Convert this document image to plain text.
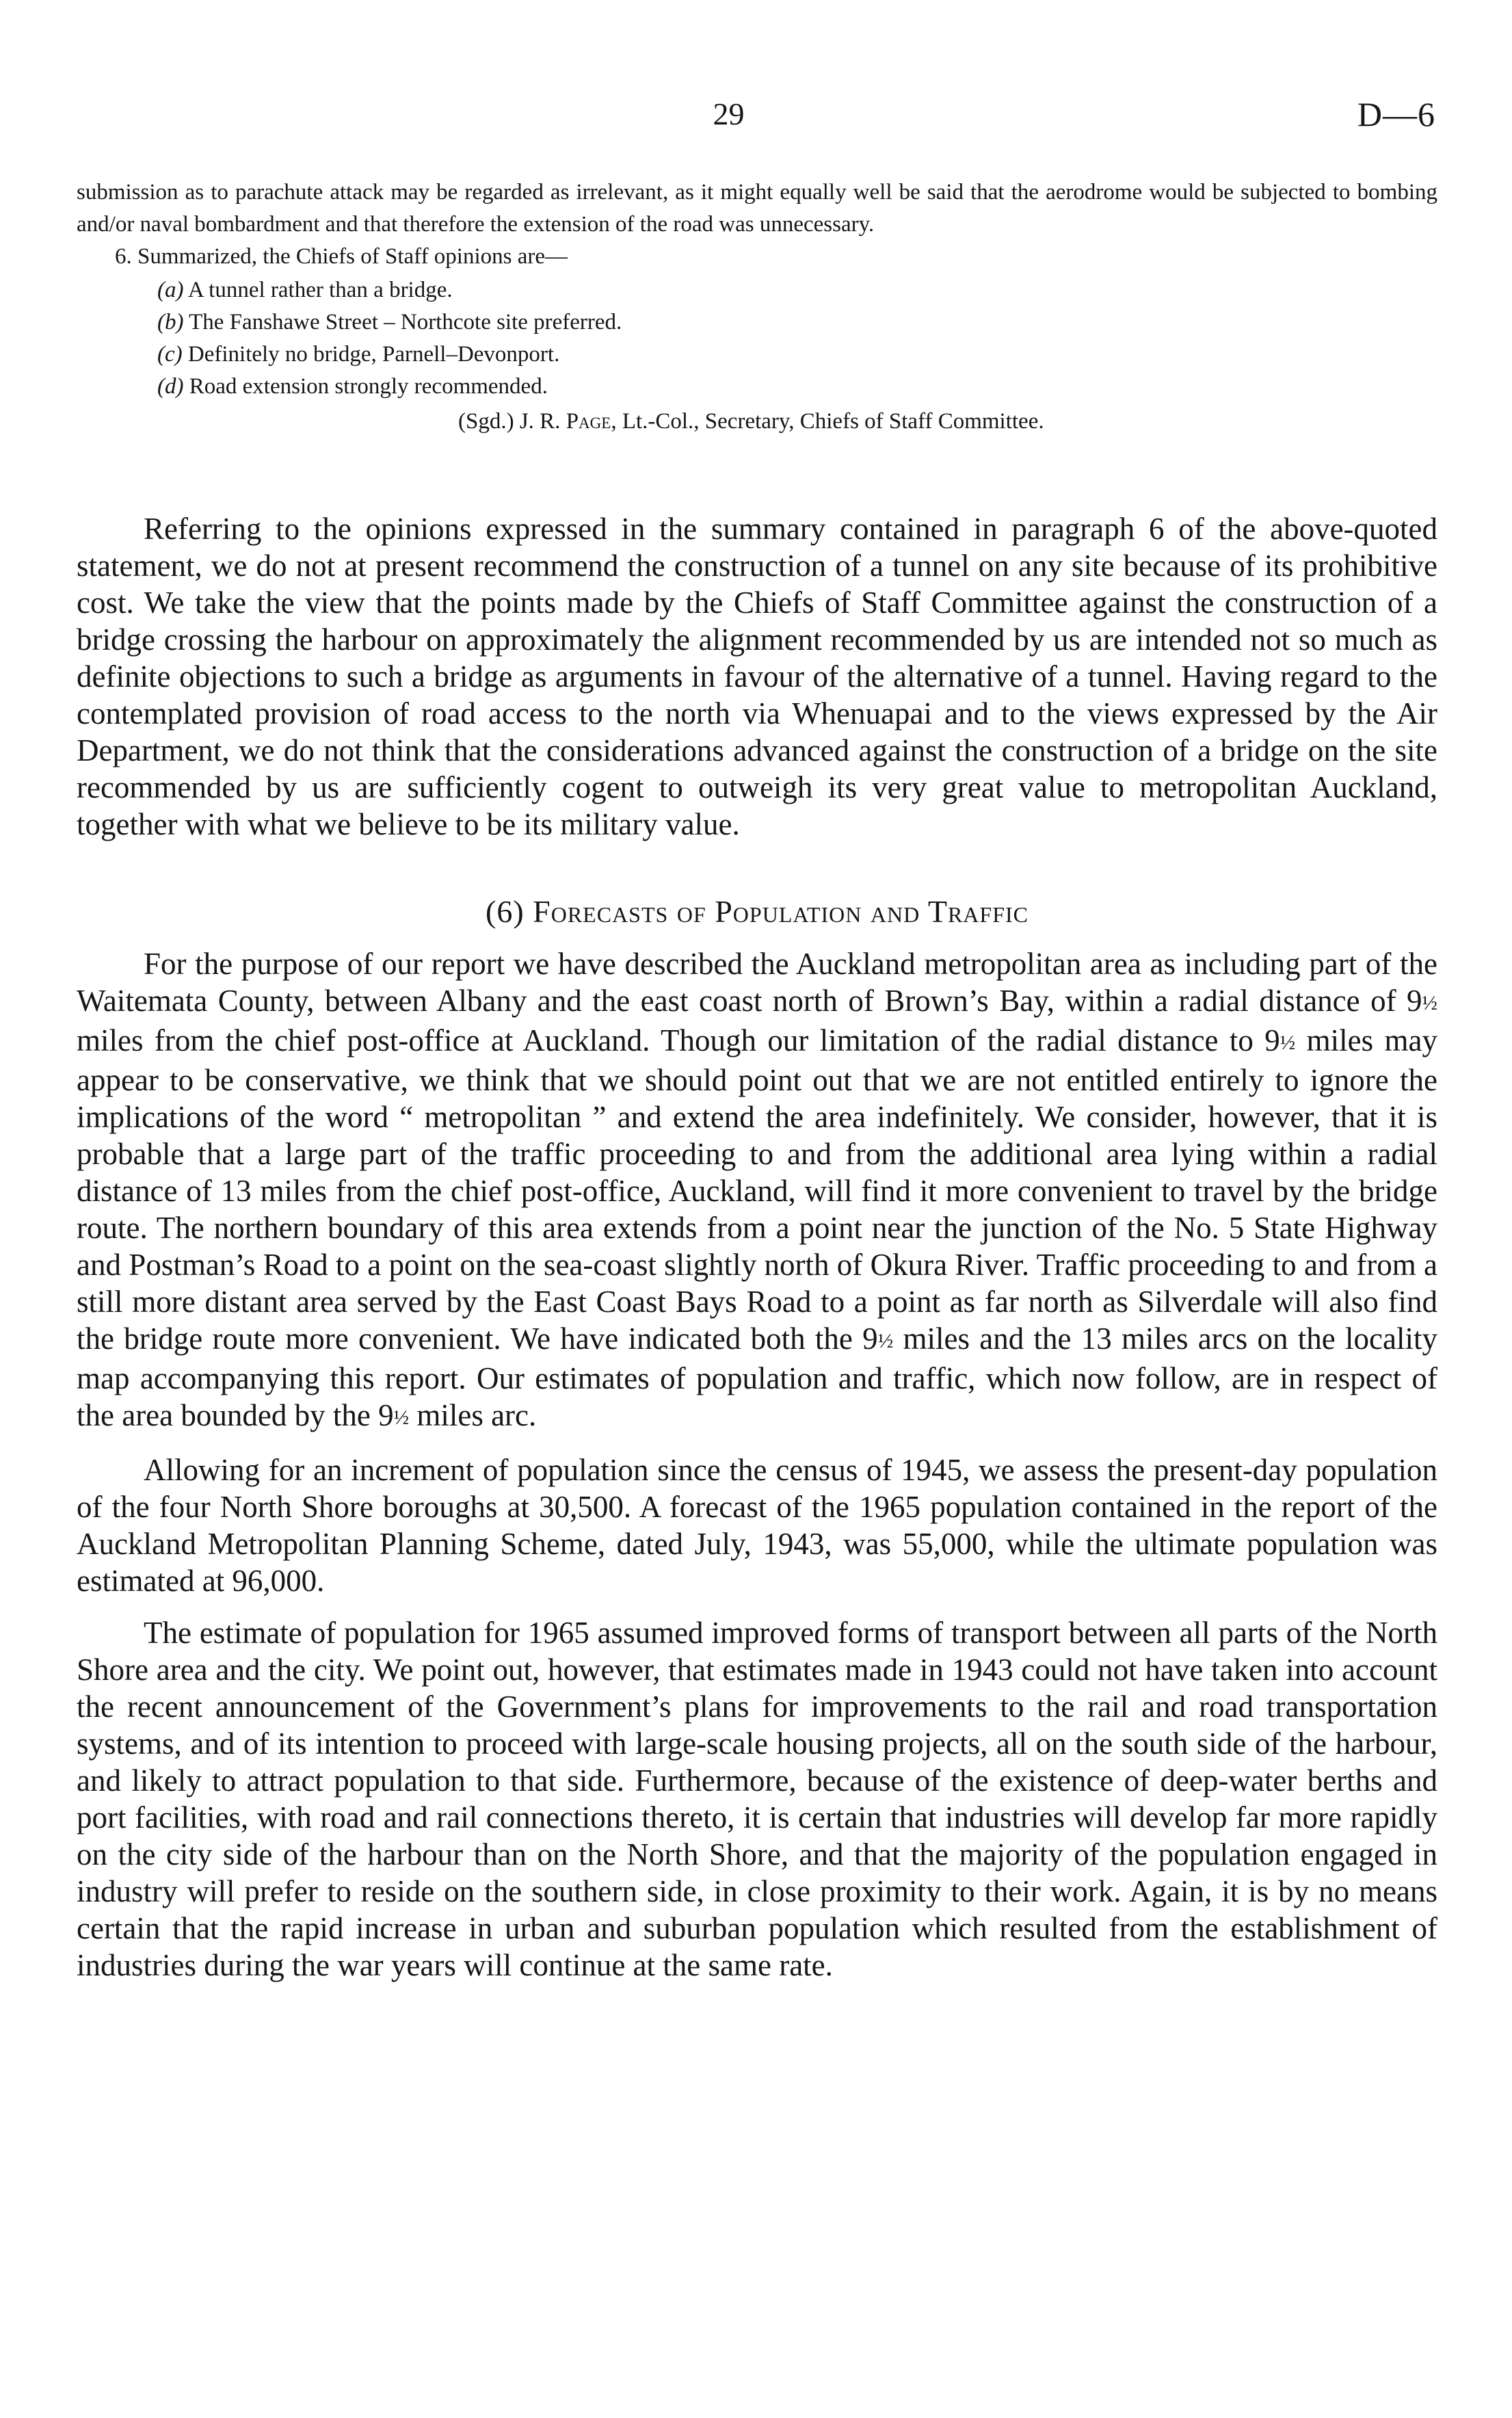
29	D—6

submission as to parachute attack may be regarded as irrelevant, as it might equally well be said that the aerodrome would be subjected to bombing and/or naval bombardment and that therefore the extension of the road was unnecessary.

6. Summarized, the Chiefs of Staff opinions are—

(a) A tunnel rather than a bridge.
(b) The Fanshawe Street – Northcote site preferred.
(c) Definitely no bridge, Parnell–Devonport.
(d) Road extension strongly recommended.
(Sgd.) J. R. Page, Lt.-Col., Secretary, Chiefs of Staff Committee.

Referring to the opinions expressed in the summary contained in paragraph 6 of the above-quoted statement, we do not at present recommend the construction of a tunnel on any site because of its prohibitive cost. We take the view that the points made by the Chiefs of Staff Committee against the construction of a bridge crossing the harbour on approximately the alignment recommended by us are intended not so much as definite objections to such a bridge as arguments in favour of the alternative of a tunnel. Having regard to the contemplated provision of road access to the north via Whenuapai and to the views expressed by the Air Department, we do not think that the considerations advanced against the construction of a bridge on the site recommended by us are sufficiently cogent to outweigh its very great value to metropolitan Auckland, together with what we believe to be its military value.

(6) Forecasts of Population and Traffic

For the purpose of our report we have described the Auckland metropolitan area as including part of the Waitemata County, between Albany and the east coast north of Brown’s Bay, within a radial distance of 9½ miles from the chief post-office at Auckland. Though our limitation of the radial distance to 9½ miles may appear to be conservative, we think that we should point out that we are not entitled entirely to ignore the implications of the word “ metropolitan ” and extend the area indefinitely. We consider, however, that it is probable that a large part of the traffic proceeding to and from the additional area lying within a radial distance of 13 miles from the chief post-office, Auckland, will find it more convenient to travel by the bridge route. The northern boundary of this area extends from a point near the junction of the No. 5 State Highway and Postman’s Road to a point on the sea-coast slightly north of Okura River. Traffic proceeding to and from a still more distant area served by the East Coast Bays Road to a point as far north as Silverdale will also find the bridge route more convenient. We have indicated both the 9½ miles and the 13 miles arcs on the locality map accompanying this report. Our estimates of population and traffic, which now follow, are in respect of the area bounded by the 9½ miles arc.

Allowing for an increment of population since the census of 1945, we assess the present-day population of the four North Shore boroughs at 30,500. A forecast of the 1965 population contained in the report of the Auckland Metropolitan Planning Scheme, dated July, 1943, was 55,000, while the ultimate population was estimated at 96,000.

The estimate of population for 1965 assumed improved forms of transport between all parts of the North Shore area and the city. We point out, however, that estimates made in 1943 could not have taken into account the recent announcement of the Government’s plans for improvements to the rail and road transportation systems, and of its intention to proceed with large-scale housing projects, all on the south side of the harbour, and likely to attract population to that side. Furthermore, because of the existence of deep-water berths and port facilities, with road and rail connections thereto, it is certain that industries will develop far more rapidly on the city side of the harbour than on the North Shore, and that the majority of the population engaged in industry will prefer to reside on the southern side, in close proximity to their work. Again, it is by no means certain that the rapid increase in urban and suburban population which resulted from the establishment of industries during the war years will continue at the same rate.
